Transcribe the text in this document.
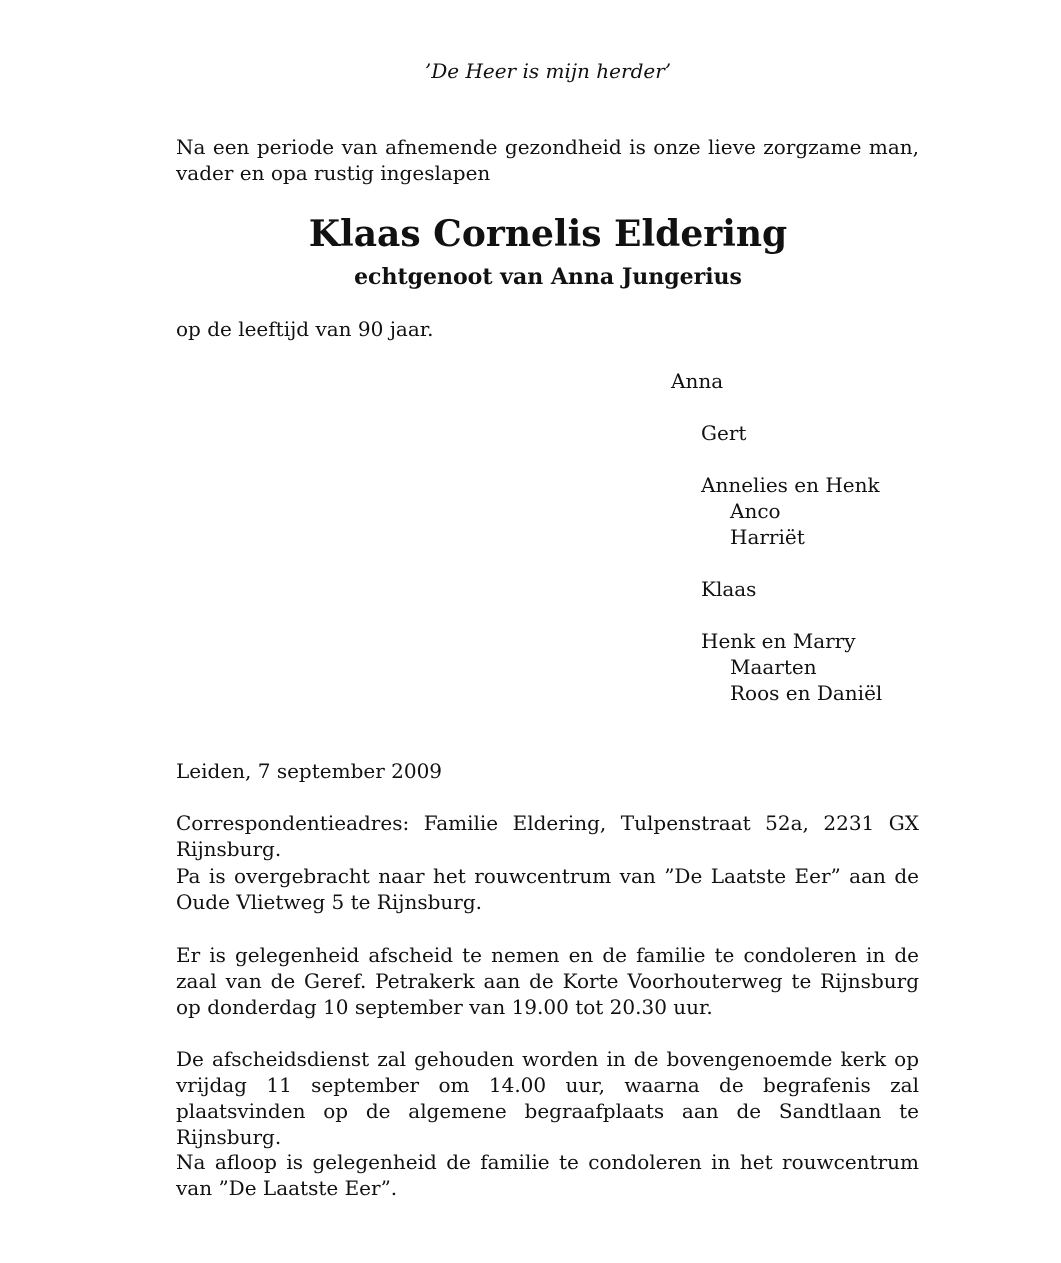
’De Heer is mijn herder’
Na een periode van afnemende gezondheid is onze lieve zorgzame man, vader en opa rustig ingeslapen
Klaas Cornelis Eldering
echtgenoot van Anna Jungerius
op de leeftijd van 90 jaar.
Anna
Gert
Annelies en Henk
Anco
Harriët
Klaas
Henk en Marry
Maarten
Roos en Daniël
Leiden, 7 september 2009
Correspondentieadres: Familie Eldering, Tulpenstraat 52a, 2231 GX Rijnsburg.
Pa is overgebracht naar het rouwcentrum van ”De Laatste Eer” aan de Oude Vlietweg 5 te Rijnsburg.
Er is gelegenheid afscheid te nemen en de familie te condoleren in de zaal van de Geref. Petrakerk aan de Korte Voorhouterweg te Rijnsburg op donderdag 10 september van 19.00 tot 20.30 uur.
De afscheidsdienst zal gehouden worden in de bovengenoemde kerk op vrijdag 11 september om 14.00 uur, waarna de begrafenis zal plaatsvinden op de algemene begraafplaats aan de Sandtlaan te Rijnsburg.
Na afloop is gelegenheid de familie te condoleren in het rouwcentrum van ”De Laatste Eer”.
